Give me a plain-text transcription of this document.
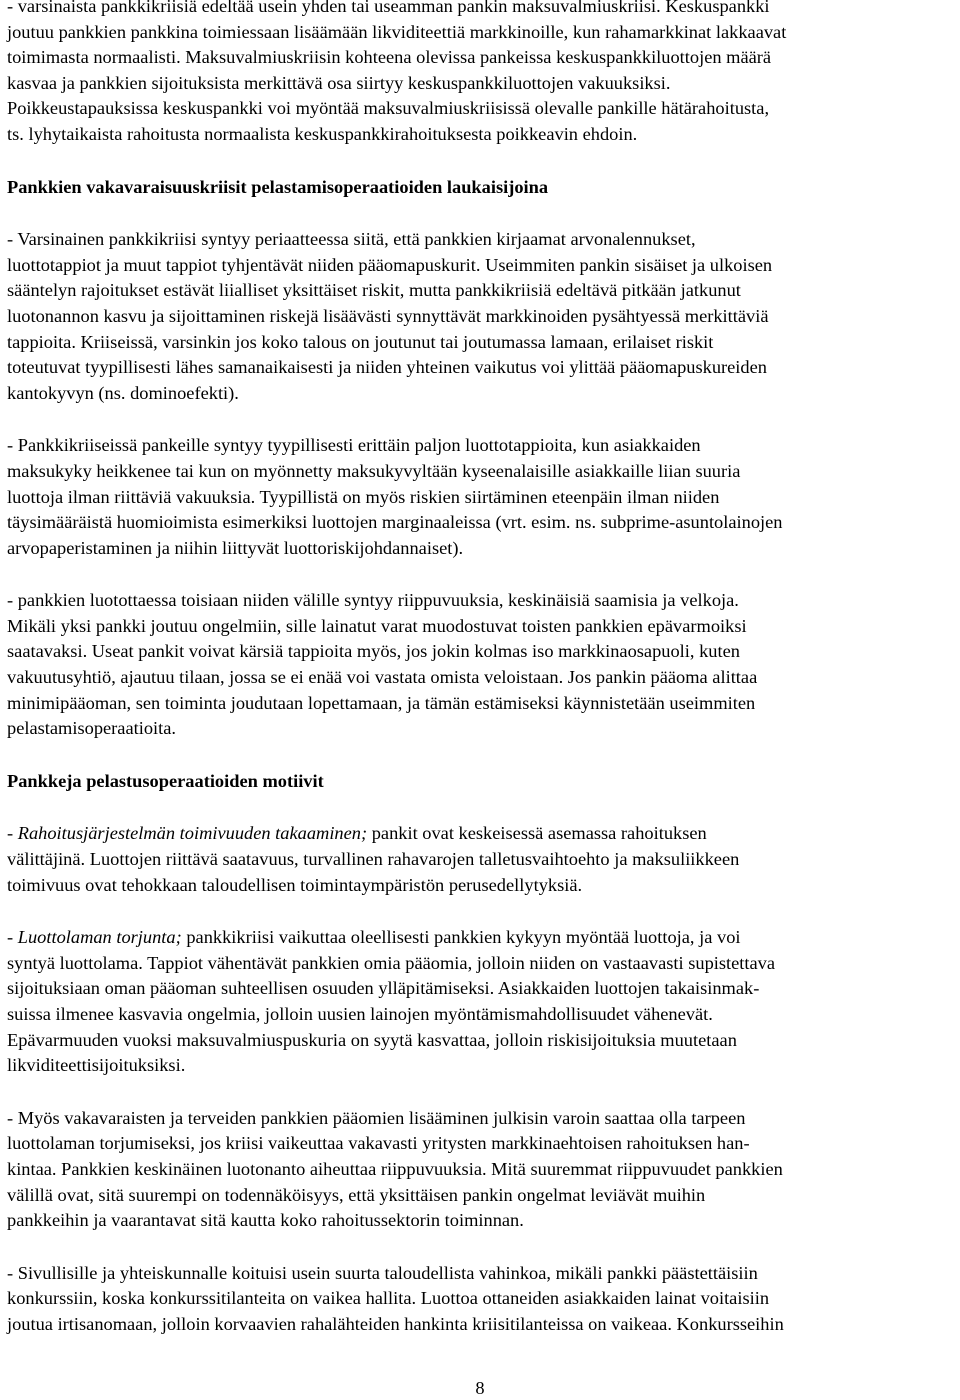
- varsinaista pankkikriisiä edeltää usein yhden tai useamman pankin maksuvalmiuskriisi. Keskuspankki
joutuu pankkien pankkina toimiessaan lisäämään likviditeettiä markkinoille, kun rahamarkkinat lakkaavat
toimimasta normaalisti. Maksuvalmiuskriisin kohteena olevissa pankeissa keskuspankkiluottojen määrä
kasvaa ja pankkien sijoituksista merkittävä osa siirtyy keskuspankkiluottojen vakuuksiksi.
Poikkeustapauksissa keskuspankki voi myöntää maksuvalmiuskriisissä olevalle pankille hätärahoitusta,
ts. lyhytaikaista rahoitusta normaalista keskuspankkirahoituksesta poikkeavin ehdoin.
Pankkien vakavaraisuuskriisit pelastamisoperaatioiden laukaisijoina
- Varsinainen pankkikriisi syntyy periaatteessa siitä, että pankkien kirjaamat arvonalennukset,
luottotappiot ja muut tappiot tyhjentävät niiden pääomapuskurit. Useimmiten pankin sisäiset ja ulkoisen
sääntelyn rajoitukset estävät liialliset yksittäiset riskit, mutta pankkikriisiä edeltävä pitkään jatkunut
luotonannon kasvu ja sijoittaminen riskejä lisäävästi synnyttävät markkinoiden pysähtyessä merkittäviä
tappioita. Kriiseissä, varsinkin jos koko talous on joutunut tai joutumassa lamaan, erilaiset riskit
toteutuvat tyypillisesti lähes samanaikaisesti ja niiden yhteinen vaikutus voi ylittää pääomapuskureiden
kantokyvyn (ns. dominoefekti).
- Pankkikriiseissä pankeille syntyy tyypillisesti erittäin paljon luottotappioita, kun asiakkaiden
maksukyky heikkenee tai kun on myönnetty maksukyvyltään kyseenalaisille asiakkaille liian suuria
luottoja ilman riittäviä vakuuksia. Tyypillistä on myös riskien siirtäminen eteenpäin ilman niiden
täysimääräistä huomioimista esimerkiksi luottojen marginaaleissa (vrt. esim. ns. subprime-asuntolainojen
arvopaperistaminen ja niihin liittyvät luottoriskijohdannaiset).
- pankkien luotottaessa toisiaan niiden välille syntyy riippuvuuksia, keskinäisiä saamisia ja velkoja.
Mikäli yksi pankki joutuu ongelmiin, sille lainatut varat muodostuvat toisten pankkien epävarmoiksi
saatavaksi. Useat pankit voivat kärsiä tappioita myös, jos jokin kolmas iso markkinaosapuoli, kuten
vakuutusyhtiö, ajautuu tilaan, jossa se ei enää voi vastata omista veloistaan. Jos pankin pääoma alittaa
minimipääoman, sen toiminta joudutaan lopettamaan, ja tämän estämiseksi käynnistetään useimmiten
pelastamisoperaatioita.
Pankkeja pelastusoperaatioiden motiivit
- Rahoitusjärjestelmän toimivuuden takaaminen; pankit ovat keskeisessä asemassa rahoituksen
välittäjinä. Luottojen riittävä saatavuus, turvallinen rahavarojen talletusvaihtoehto ja maksuliikkeen
toimivuus ovat tehokkaan taloudellisen toimintaympäristön perusedellytyksiä.
- Luottolaman torjunta; pankkikriisi vaikuttaa oleellisesti pankkien kykyyn myöntää luottoja, ja voi
syntyä luottolama. Tappiot vähentävät pankkien omia pääomia, jolloin niiden on vastaavasti supistettava
sijoituksiaan oman pääoman suhteellisen osuuden ylläpitämiseksi. Asiakkaiden luottojen takaisinmak-
suissa ilmenee kasvavia ongelmia, jolloin uusien lainojen myöntämismahdollisuudet vähenevät.
Epävarmuuden vuoksi maksuvalmiuspuskuria on syytä kasvattaa, jolloin riskisijoituksia muutetaan
likviditeettisijoituksiksi.
- Myös vakavaraisten ja terveiden pankkien pääomien lisääminen julkisin varoin saattaa olla tarpeen
luottolaman torjumiseksi, jos kriisi vaikeuttaa vakavasti yritysten markkinaehtoisen rahoituksen han-
kintaa. Pankkien keskinäinen luotonanto aiheuttaa riippuvuuksia. Mitä suuremmat riippuvuudet pankkien
välillä ovat, sitä suurempi on todennäköisyys, että yksittäisen pankin ongelmat leviävät muihin
pankkeihin ja vaarantavat sitä kautta koko rahoitussektorin toiminnan.
- Sivullisille ja yhteiskunnalle koituisi usein suurta taloudellista vahinkoa, mikäli pankki päästettäisiin
konkurssiin, koska konkurssitilanteita on vaikea hallita. Luottoa ottaneiden asiakkaiden lainat voitaisiin
joutua irtisanomaan, jolloin korvaavien rahalähteiden hankinta kriisitilanteissa on vaikeaa. Konkursseihin
8
